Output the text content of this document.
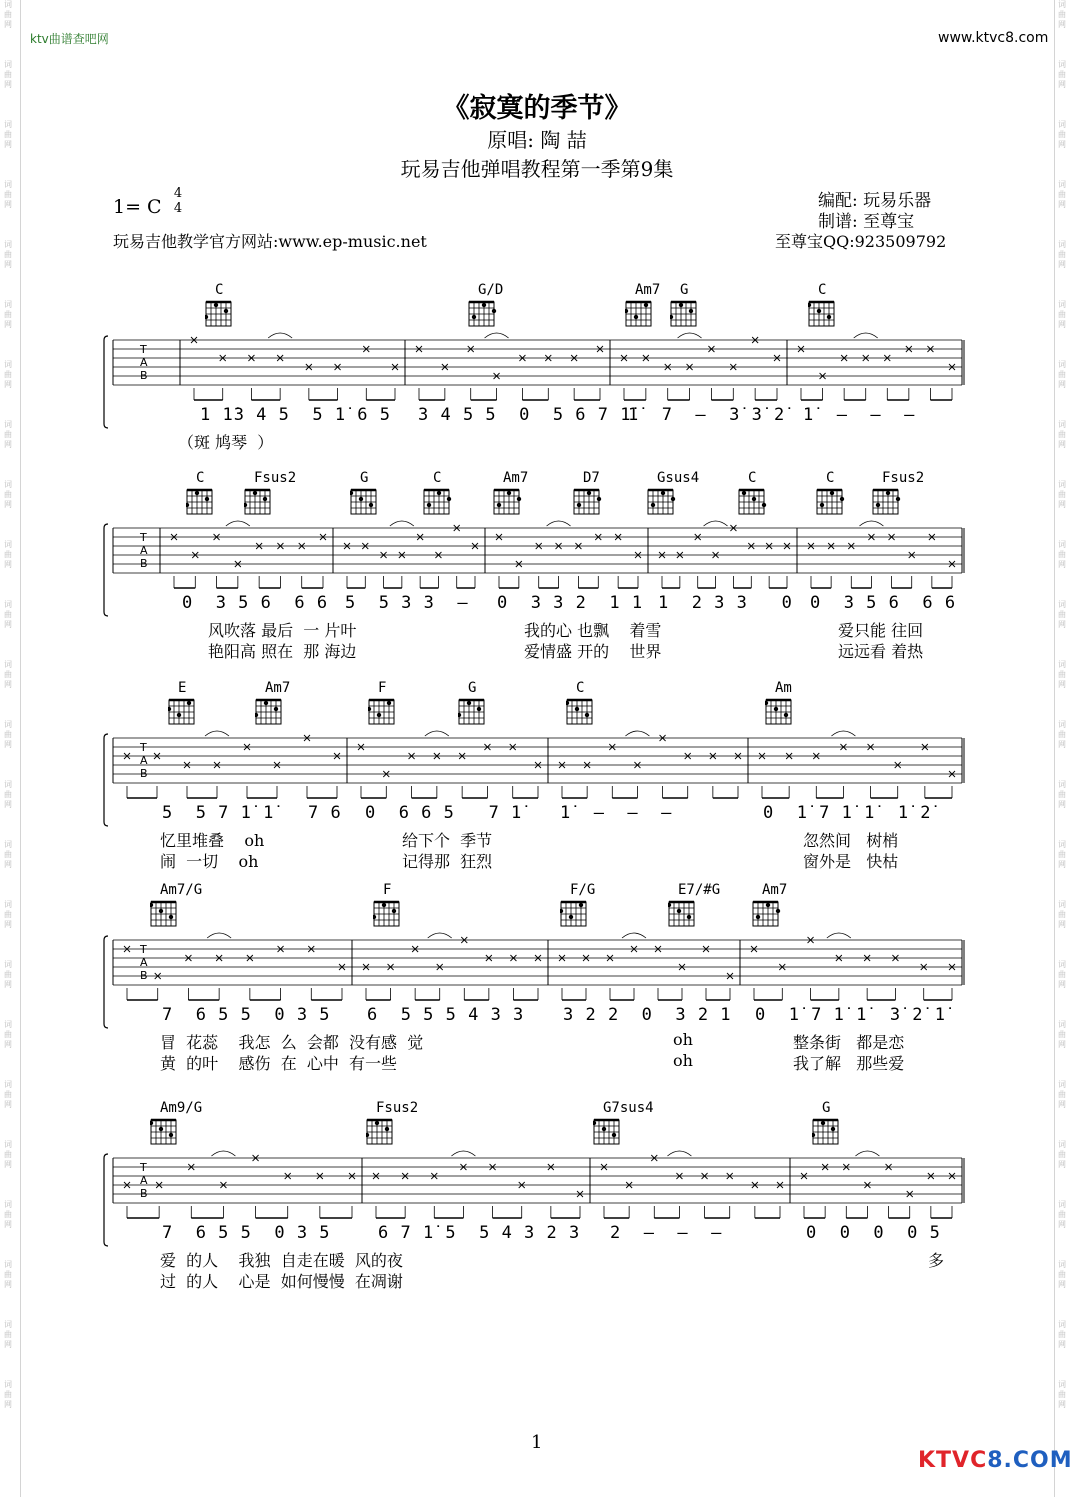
词曲网
词曲网
词曲网
词曲网
词曲网
词曲网
词曲网
词曲网
词曲网
词曲网
词曲网
词曲网
词曲网
词曲网
词曲网
词曲网
词曲网
词曲网
词曲网
词曲网
词曲网
词曲网
词曲网
词曲网
词曲网
词曲网
词曲网
词曲网
词曲网
词曲网
词曲网
词曲网
词曲网
词曲网
词曲网
词曲网
词曲网
词曲网
词曲网
词曲网
词曲网
词曲网
词曲网
词曲网
词曲网
词曲网
词曲网
词曲网
ktv曲谱查吧网	www.ktvc8.com
《寂寞的季节》
原唱: 陶 喆
玩易吉他弹唱教程第一季第9集
1= C
4
4
玩易吉他教学官方网站:www.ep-music.net
编配: 玩易乐器
制谱: 至尊宝
至尊宝QQ:923509792
C	G/D	Am7 G	C
T
A
B
1 1̇3 4 5  5 1̇ 6 5 3 4 5 5  0  5 6 7 1̇
1̇  7  –  3̇ 3̇ 2̇ 1̇  –  –  –
（斑 鸠琴  ）
C	Fsus2	G	C	Am7	D7	Gsus4	C	C	Fsus2
T
A
B
0  3 5 6  6 6 5  5 3 3  – 0  3 3 2  1 1 1  2 3 3   0 0  3 5 6  6 6
风吹落 最后  一 片叶	我的心 也飘    着雪	爱只能 往回
艳阳高 照在  那 海边	爱情盛 开的    世界	远远看 着热
E	Am7	F	G	C	Am
T
A
B
5  5 7 1̇ 1̇   7 6 0  6 6 5   7 1̇ 1̇  –  –  –	0  1̇ 7 1̇ 1̇  1̇ 2̇
忆里堆叠    oh	给下个  季节	忽然间   树梢
闹  一切    oh	记得那  狂烈	窗外是   快枯
Am7/G	F	F/G	E7/#G	Am7
T
A
B
7  6 5 5  0 3 5 6  5 5 5 4 3 3 3 2 2  0  3 2 1 0  1̇ 7 1̇ 1̇  3̇ 2̇ 1̇
冒  花蕊    我怎  么  会都  没有感  觉	oh	整条街   都是恋
黄  的叶    感伤  在  心中  有一些	oh	我了解   那些爱
Am9/G	Fsus2	G7sus4	G
T
A
B
7  6 5 5  0 3 5	6 7 1̇ 5  5 4 3 2 3 2  –  –  –	0  0  0  0 5
爱  的人    我独  自走在暖  风的夜	多
过  的人    心是  如何慢慢  在凋谢
1
KTVC8.COM
